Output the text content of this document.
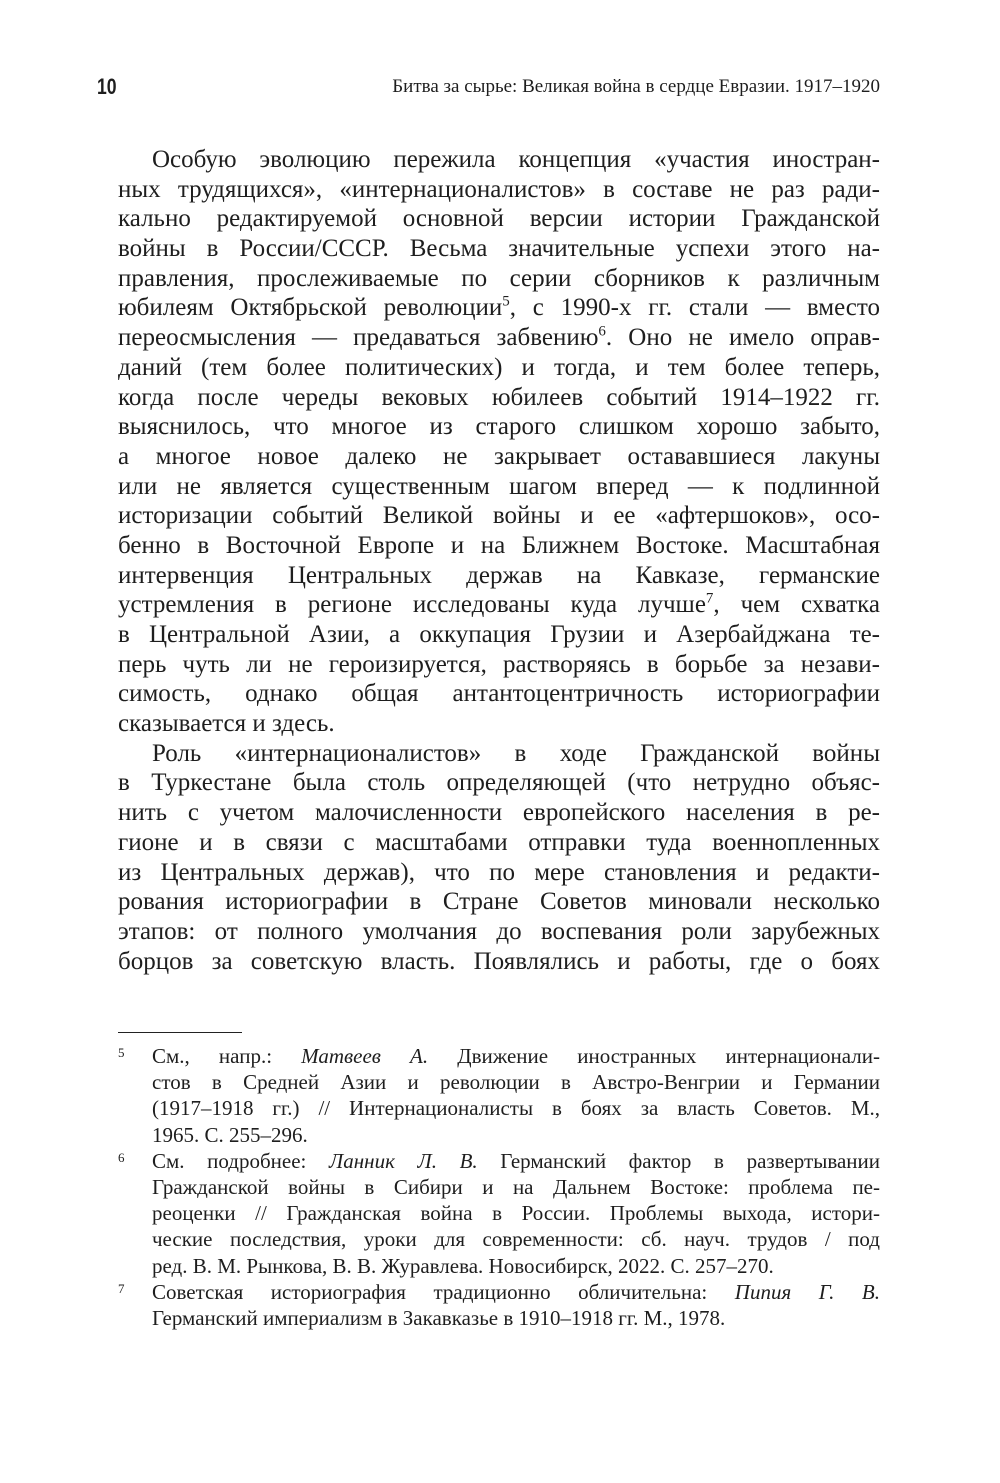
10	Битва за сырье: Великая война в сердце Евразии. 1917–1920
Особую эволюцию пережила концепция «участия иностран-
ных трудящихся», «интернационалистов» в составе не раз ради-
кально редактируемой основной версии истории Гражданской
войны в России/СССР. Весьма значительные успехи этого на-
правления, прослеживаемые по серии сборников к различным
юбилеям Октябрьской революции$^5$, с 1990-х гг. стали — вместо
переосмысления — предаваться забвению$^6$. Оно не имело оправ-
даний (тем более политических) и тогда, и тем более теперь,
когда после череды вековых юбилеев событий 1914–1922 гг.
выяснилось, что многое из старого слишком хорошо забыто,
а многое новое далеко не закрывает остававшиеся лакуны
или не является существенным шагом вперед — к подлинной
историзации событий Великой войны и ее «афтершоков», осо-
бенно в Восточной Европе и на Ближнем Востоке. Масштабная
интервенция Центральных держав на Кавказе, германские
устремления в регионе исследованы куда лучше$^7$, чем схватка
в Центральной Азии, а оккупация Грузии и Азербайджана те-
перь чуть ли не героизируется, растворяясь в борьбе за незави-
симость, однако общая антантоцентричность историографии
сказывается и здесь.
Роль «интернационалистов» в ходе Гражданской войны
в Туркестане была столь определяющей (что нетрудно объяс-
нить с учетом малочисленности европейского населения в ре-
гионе и в связи с масштабами отправки туда военнопленных
из Центральных держав), что по мере становления и редакти-
рования историографии в Стране Советов миновали несколько
этапов: от полного умолчания до воспевания роли зарубежных
борцов за советскую власть. Появлялись и работы, где о боях
5 См., напр.: Матвеев А. Движение иностранных интернационали-
стов в Средней Азии и революции в Австро-Венгрии и Германии
(1917–1918 гг.) // Интернационалисты в боях за власть Советов. М.,
1965. С. 255–296.
6 См. подробнее: Ланник Л. В. Германский фактор в развертывании
Гражданской войны в Сибири и на Дальнем Востоке: проблема пе-
реоценки // Гражданская война в России. Проблемы выхода, истори-
ческие последствия, уроки для современности: сб. науч. трудов / под
ред. В. М. Рынкова, В. В. Журавлева. Новосибирск, 2022. С. 257–270.
7 Советская историография традиционно обличительна: Пипия Г. В.
Германский империализм в Закавказье в 1910–1918 гг. М., 1978.
